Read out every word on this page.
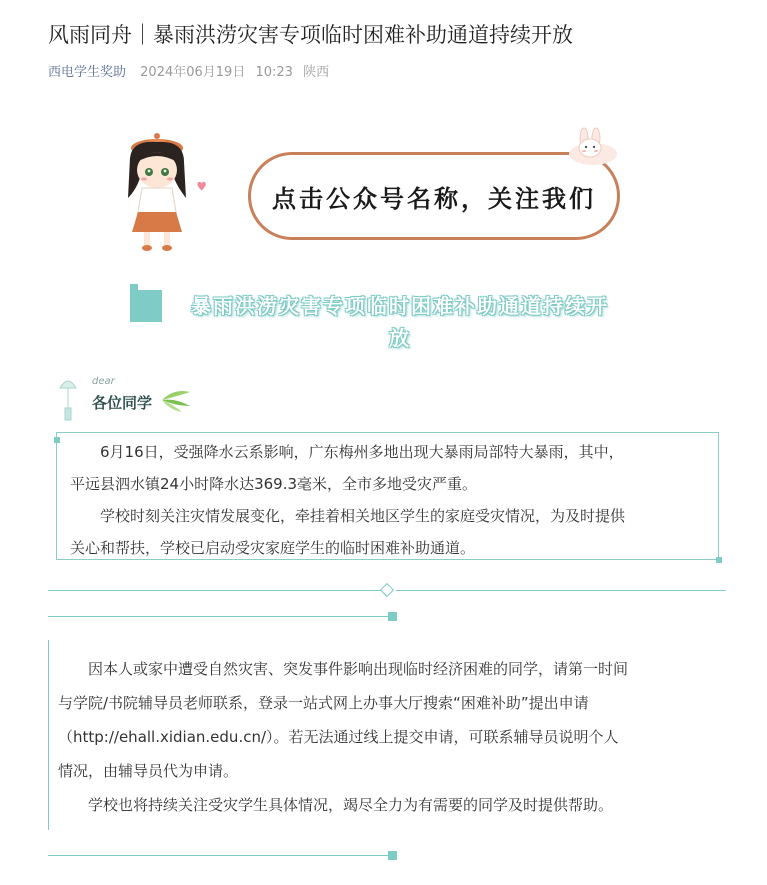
风雨同舟｜暴雨洪涝灾害专项临时困难补助通道持续开放
西电学生奖助 2024年06月19日 10:23 陕西
点击公众号名称，关注我们
暴雨洪涝灾害专项临时困难补助通道持续开
放
dear
各位同学

6月16日，受强降水云系影响，广东梅州多地出现大暴雨局部特大暴雨，其中，

平远县泗水镇24小时降水达369.3毫米，全市多地受灾严重。

学校时刻关注灾情发展变化，牵挂着相关地区学生的家庭受灾情况，为及时提供

关心和帮扶，学校已启动受灾家庭学生的临时困难补助通道。

因本人或家中遭受自然灾害、突发事件影响出现临时经济困难的同学，请第一时间

与学院/书院辅导员老师联系，登录一站式网上办事大厅搜索“困难补助”提出申请

（http://ehall.xidian.edu.cn/）。若无法通过线上提交申请，可联系辅导员说明个人

情况，由辅导员代为申请。

学校也将持续关注受灾学生具体情况，竭尽全力为有需要的同学及时提供帮助。
